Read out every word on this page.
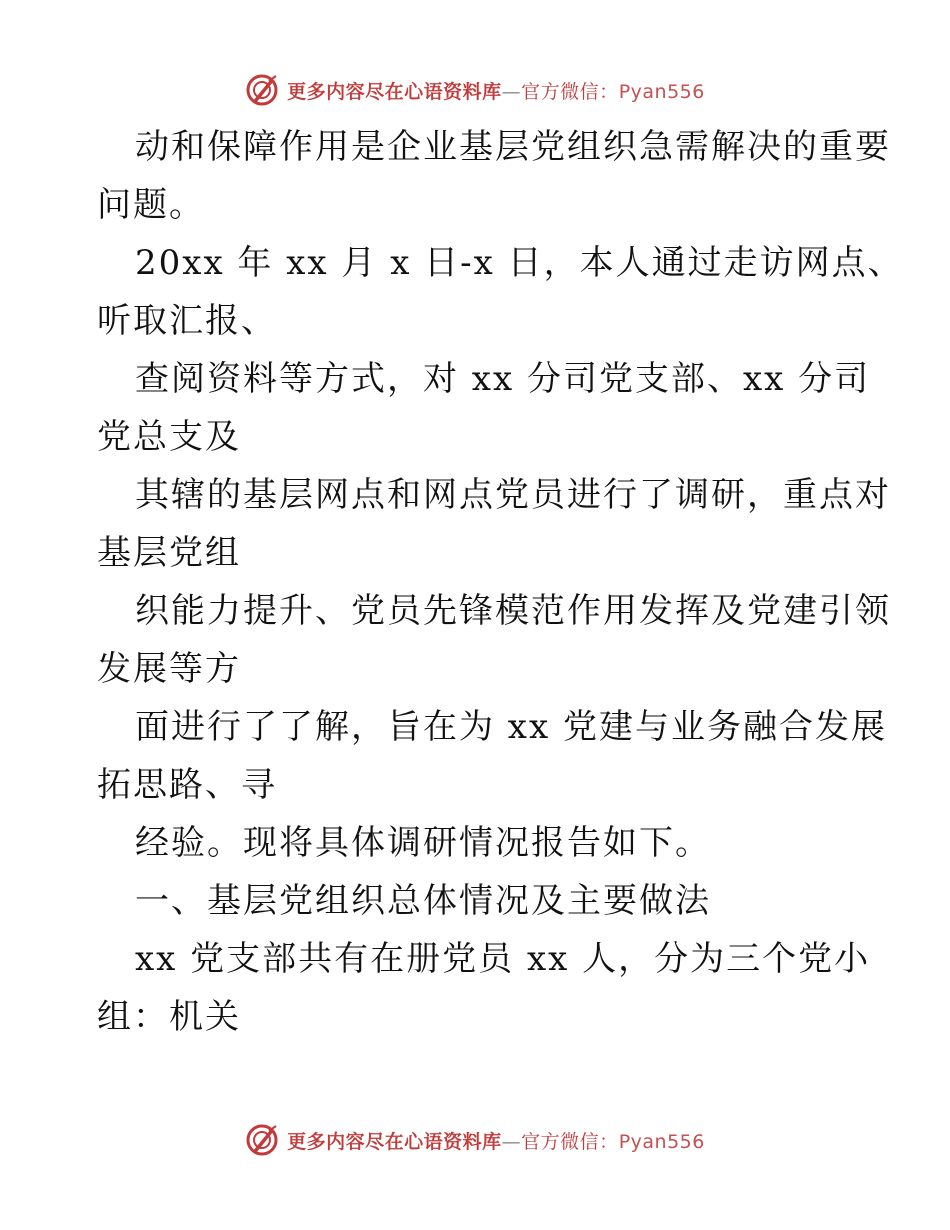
更多内容尽在心语资料库—官方微信：Pyan556
动和保障作用是企业基层党组织急需解决的重要
问题。
20xx 年 xx 月 x 日-x 日，本人通过走访网点、
听取汇报、
查阅资料等方式，对 xx 分司党支部、xx 分司
党总支及
其辖的基层网点和网点党员进行了调研，重点对
基层党组
织能力提升、党员先锋模范作用发挥及党建引领
发展等方
面进行了了解，旨在为 xx 党建与业务融合发展
拓思路、寻
经验。现将具体调研情况报告如下。
一、基层党组织总体情况及主要做法
xx 党支部共有在册党员 xx 人，分为三个党小
组：机关
更多内容尽在心语资料库—官方微信：Pyan556
